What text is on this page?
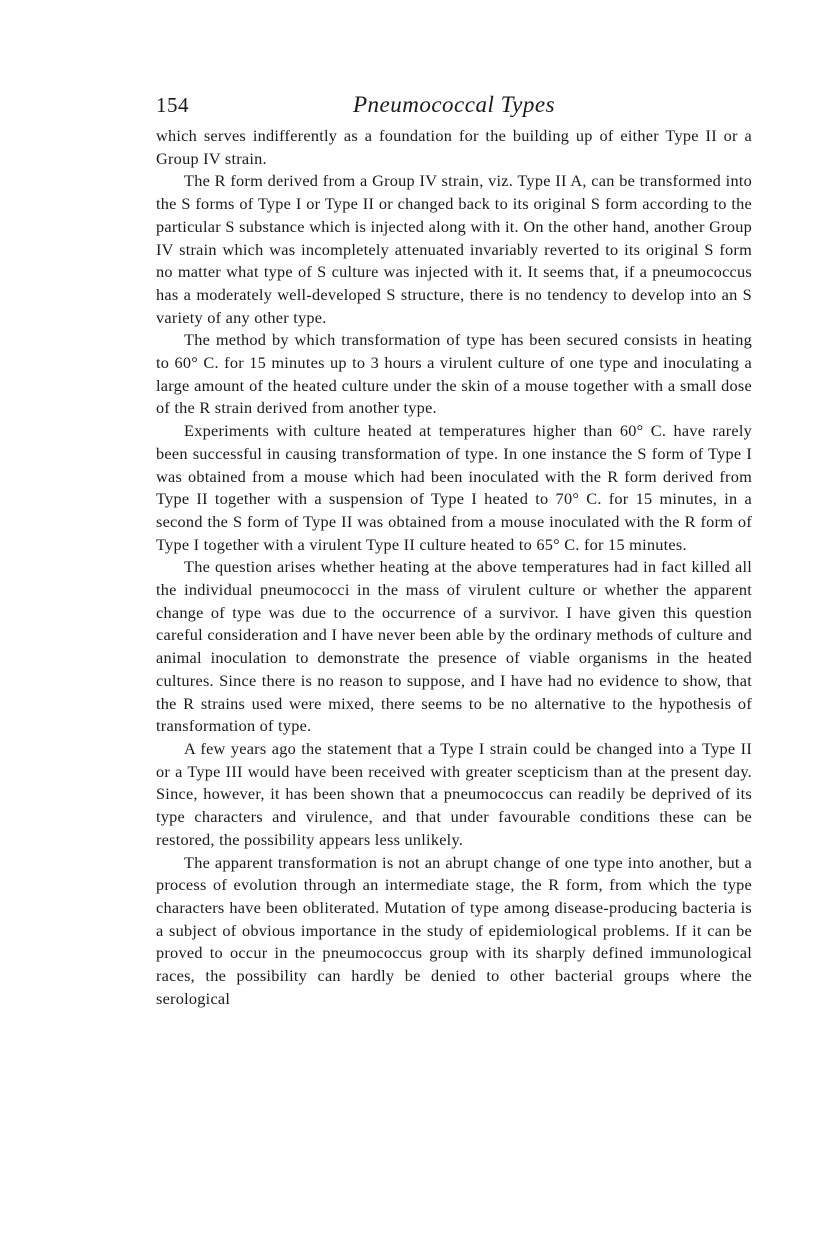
154	Pneumococcal Types

which serves indifferently as a foundation for the building up of either Type II or a Group IV strain.

The R form derived from a Group IV strain, viz. Type II A, can be transformed into the S forms of Type I or Type II or changed back to its original S form according to the particular S substance which is injected along with it. On the other hand, another Group IV strain which was incompletely attenuated invariably reverted to its original S form no matter what type of S culture was injected with it. It seems that, if a pneumococcus has a moderately well-developed S structure, there is no tendency to develop into an S variety of any other type.

The method by which transformation of type has been secured consists in heating to 60° C. for 15 minutes up to 3 hours a virulent culture of one type and inoculating a large amount of the heated culture under the skin of a mouse together with a small dose of the R strain derived from another type.

Experiments with culture heated at temperatures higher than 60° C. have rarely been successful in causing transformation of type. In one instance the S form of Type I was obtained from a mouse which had been inoculated with the R form derived from Type II together with a suspension of Type I heated to 70° C. for 15 minutes, in a second the S form of Type II was obtained from a mouse inoculated with the R form of Type I together with a virulent Type II culture heated to 65° C. for 15 minutes.

The question arises whether heating at the above temperatures had in fact killed all the individual pneumococci in the mass of virulent culture or whether the apparent change of type was due to the occurrence of a survivor. I have given this question careful consideration and I have never been able by the ordinary methods of culture and animal inoculation to demonstrate the presence of viable organisms in the heated cultures. Since there is no reason to suppose, and I have had no evidence to show, that the R strains used were mixed, there seems to be no alternative to the hypothesis of transformation of type.

A few years ago the statement that a Type I strain could be changed into a Type II or a Type III would have been received with greater scepticism than at the present day. Since, however, it has been shown that a pneumococcus can readily be deprived of its type characters and virulence, and that under favourable conditions these can be restored, the possibility appears less unlikely.

The apparent transformation is not an abrupt change of one type into another, but a process of evolution through an intermediate stage, the R form, from which the type characters have been obliterated. Mutation of type among disease-producing bacteria is a subject of obvious importance in the study of epidemiological problems. If it can be proved to occur in the pneumococcus group with its sharply defined immunological races, the possibility can hardly be denied to other bacterial groups where the serological
